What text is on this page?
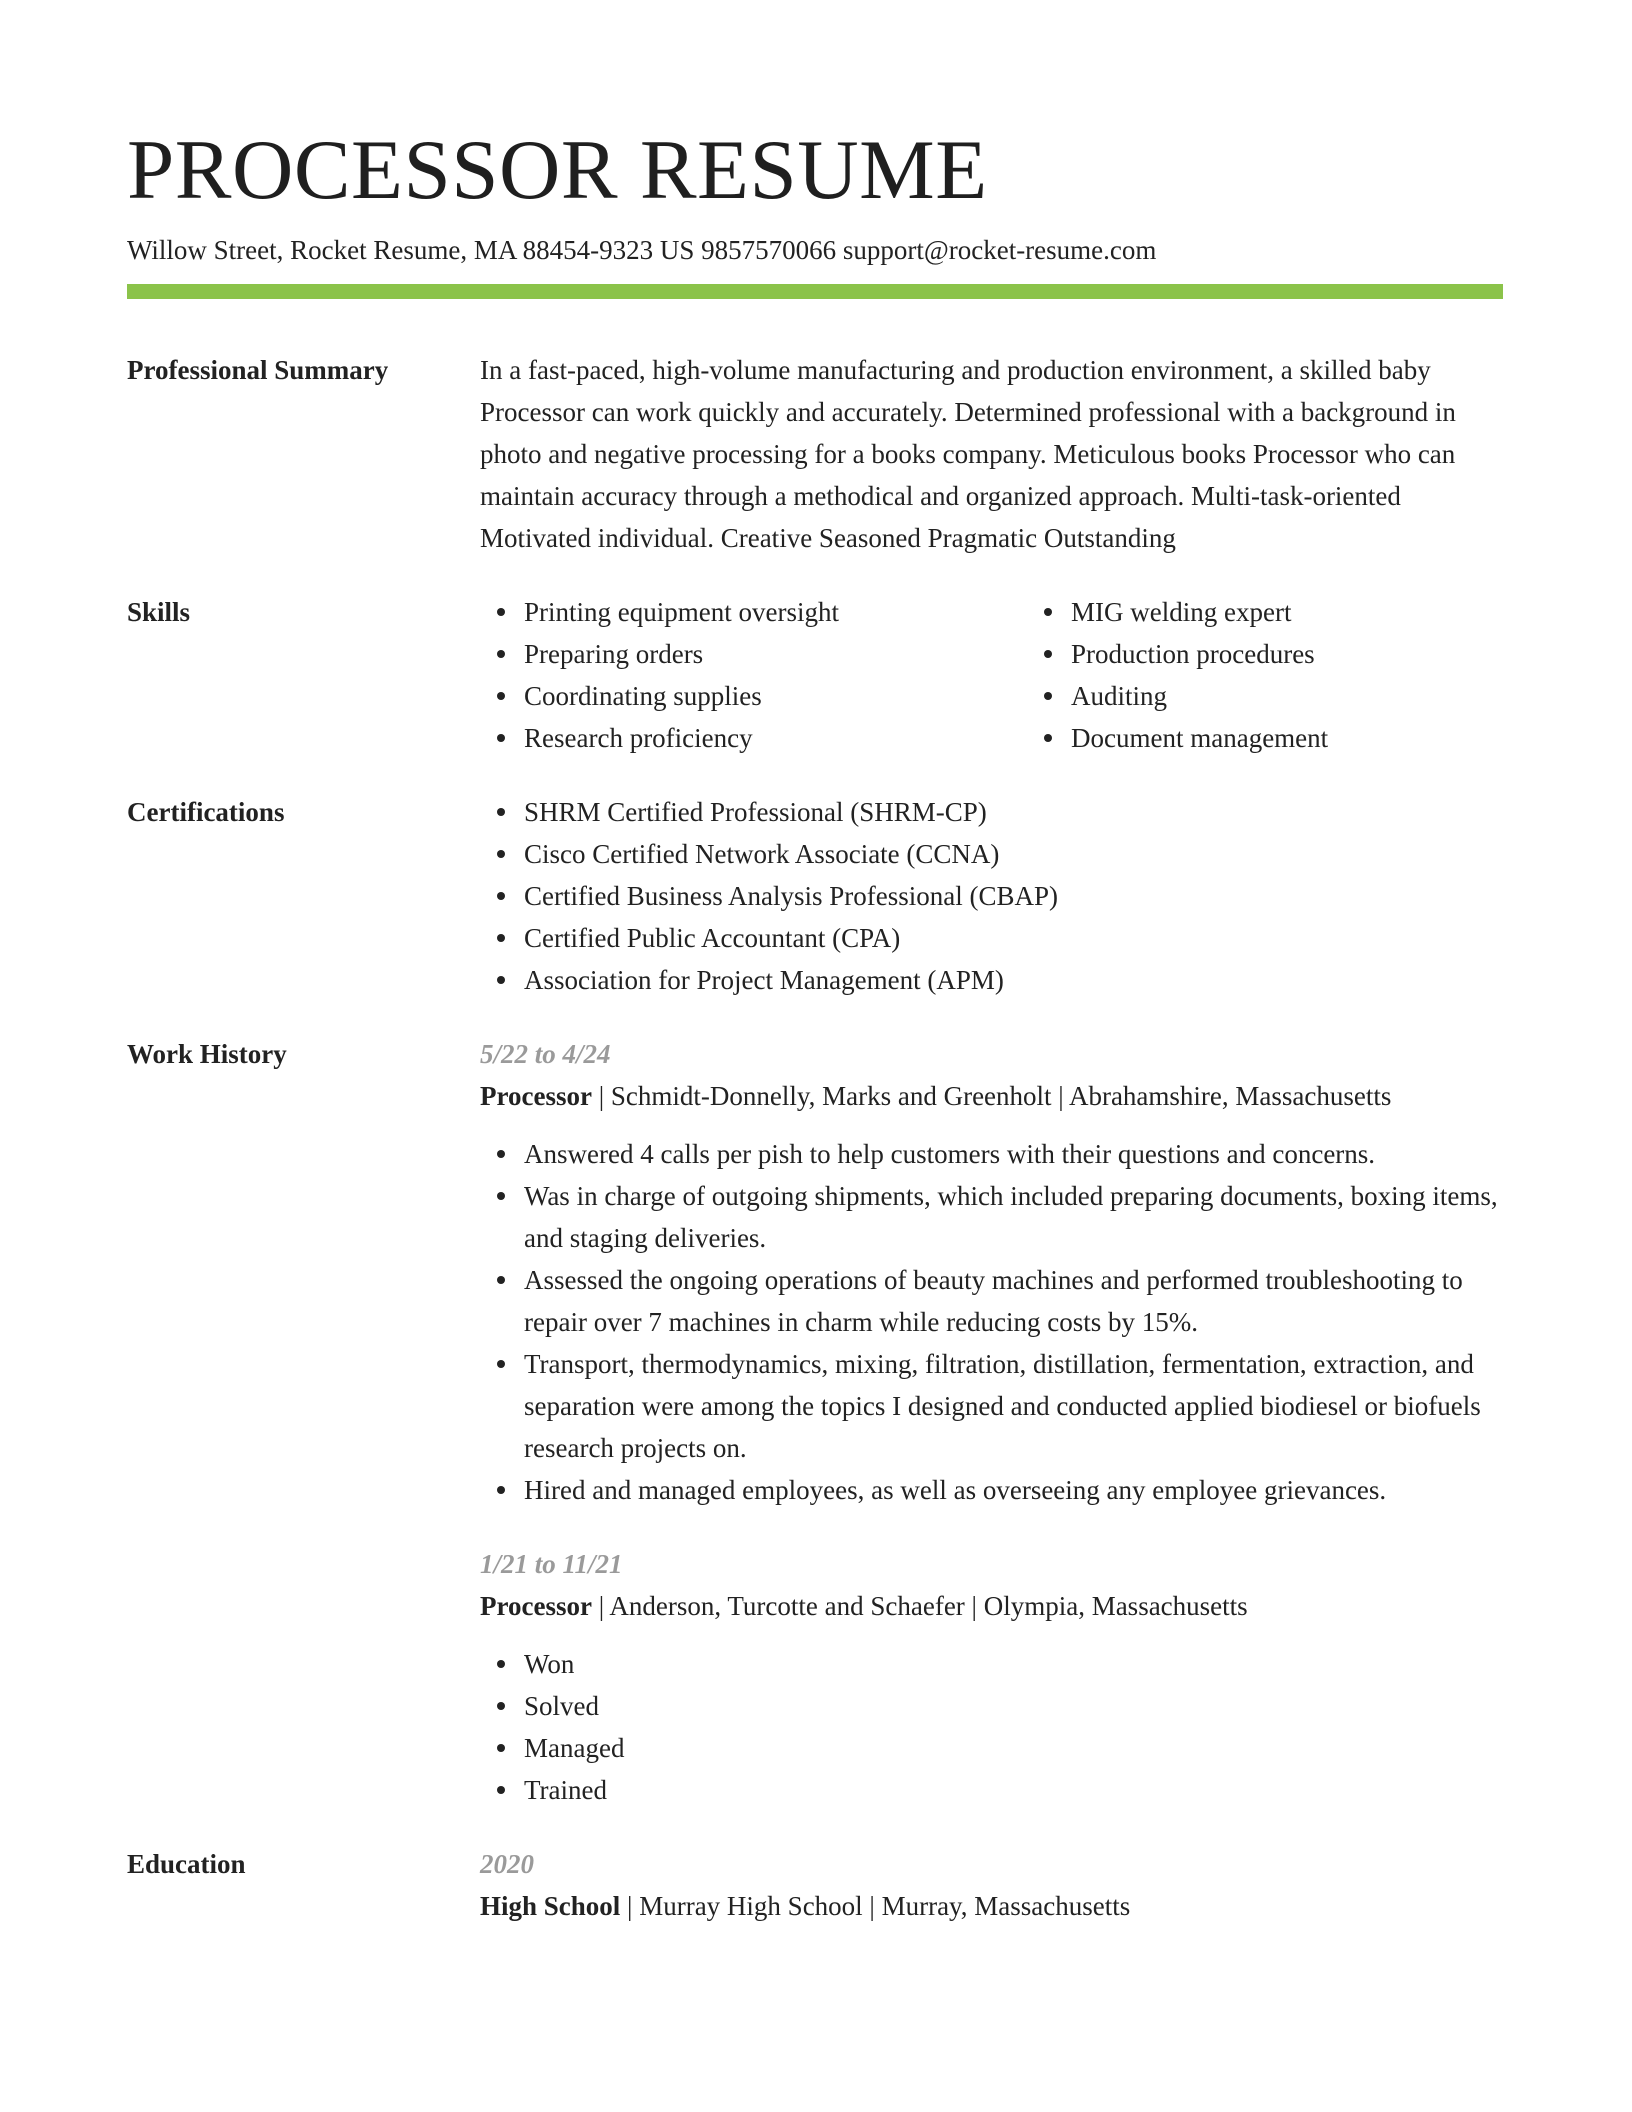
PROCESSOR RESUME
Willow Street, Rocket Resume, MA 88454-9323 US 9857570066 support@rocket-resume.com
Professional Summary	In a fast-paced, high-volume manufacturing and production environment, a skilled baby Processor can work quickly and accurately. Determined professional with a background in photo and negative processing for a books company. Meticulous books Processor who can maintain accuracy through a methodical and organized approach. Multi-task-oriented Motivated individual. Creative Seasoned Pragmatic Outstanding
Skills	Printing equipment oversight
Preparing orders
Coordinating supplies
Research proficiency
MIG welding expert
Production procedures
Auditing
Document management
Certifications	SHRM Certified Professional (SHRM-CP)
Cisco Certified Network Associate (CCNA)
Certified Business Analysis Professional (CBAP)
Certified Public Accountant (CPA)
Association for Project Management (APM)
Work History	5/22 to 4/24
Processor | Schmidt-Donnelly, Marks and Greenholt | Abrahamshire, Massachusetts
Answered 4 calls per pish to help customers with their questions and concerns.
Was in charge of outgoing shipments, which included preparing documents, boxing items, and staging deliveries.
Assessed the ongoing operations of beauty machines and performed troubleshooting to repair over 7 machines in charm while reducing costs by 15%.
Transport, thermodynamics, mixing, filtration, distillation, fermentation, extraction, and separation were among the topics I designed and conducted applied biodiesel or biofuels research projects on.
Hired and managed employees, as well as overseeing any employee grievances.
1/21 to 11/21
Processor | Anderson, Turcotte and Schaefer | Olympia, Massachusetts
Won
Solved
Managed
Trained
Education	2020
High School | Murray High School | Murray, Massachusetts
